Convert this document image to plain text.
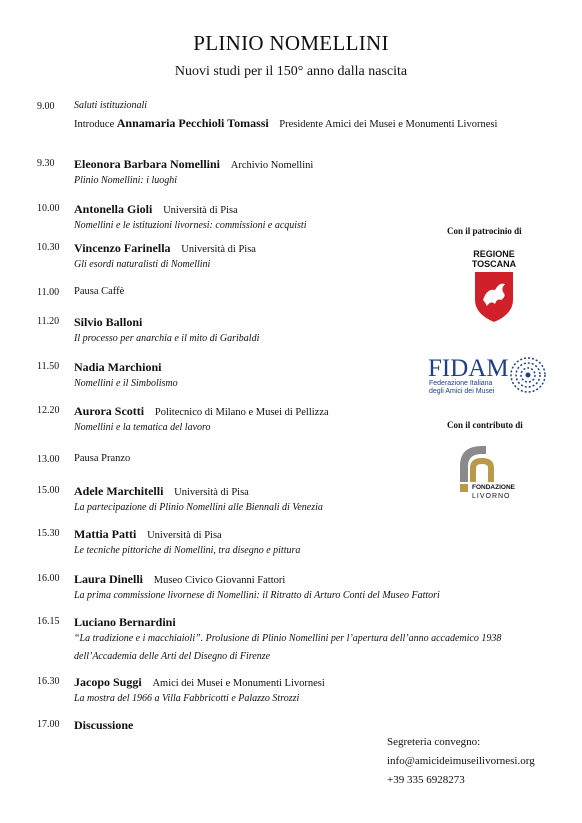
PLINIO NOMELLINI
Nuovi studi per il 150° anno dalla nascita
9.00 Saluti istituzionali
Introduce Annamaria Pecchioli Tomassi Presidente Amici dei Musei e Monumenti Livornesi
9.30 Eleonora Barbara Nomellini Archivio Nomellini
Plinio Nomellini: i luoghi
10.00 Antonella Gioli Università di Pisa
Nomellini e le istituzioni livornesi: commissioni e acquisti
10.30 Vincenzo Farinella Università di Pisa
Gli esordi naturalisti di Nomellini
11.00 Pausa Caffè
11.20 Silvio Balloni
Il processo per anarchia e il mito di Garibaldi
11.50 Nadia Marchioni
Nomellini e il Simbolismo
12.20 Aurora Scotti Politecnico di Milano e Musei di Pellizza
Nomellini e la tematica del lavoro
13.00 Pausa Pranzo
15.00 Adele Marchitelli Università di Pisa
La partecipazione di Plinio Nomellini alle Biennali di Venezia
15.30 Mattia Patti Università di Pisa
Le tecniche pittoriche di Nomellini, tra disegno e pittura
16.00 Laura Dinelli Museo Civico Giovanni Fattori
La prima commissione livornese di Nomellini: il Ritratto di Arturo Conti del Museo Fattori
16.15 Luciano Bernardini
“La tradizione e i macchiaioli”. Prolusione di Plinio Nomellini per l’apertura dell’anno accademico 1938
dell’Accademia delle Arti del Disegno di Firenze
16.30 Jacopo Suggi Amici dei Musei e Monumenti Livornesi
La mostra del 1966 a Villa Fabbricotti e Palazzo Strozzi
17.00 Discussione
Con il patrocinio di
REGIONE
TOSCANA
FIDAM
Federazione Italiana
degli Amici dei Musei
Con il contributo di
FONDAZIONE
LIVORNO
Segreteria convegno:
info@amicideimuseilivornesi.org
+39 335 6928273
